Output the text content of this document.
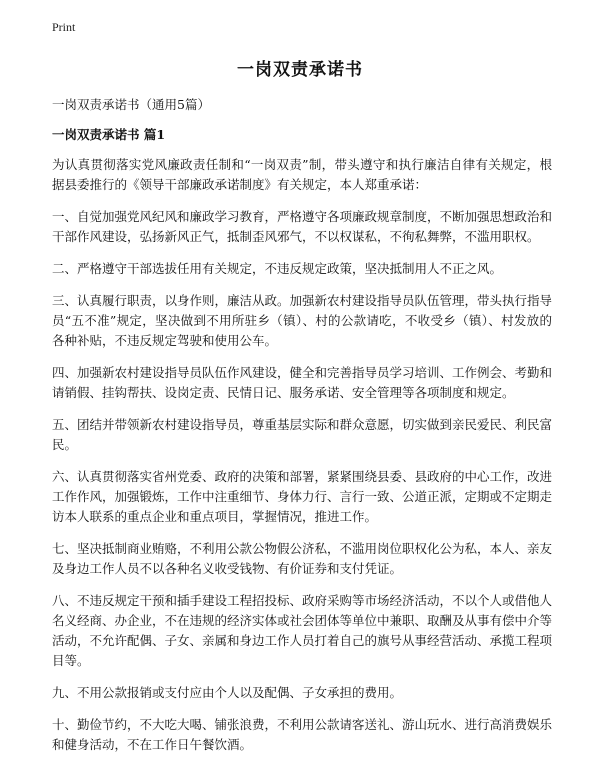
Print
一岗双责承诺书

一岗双责承诺书（通用5篇）

一岗双责承诺书 篇1

为认真贯彻落实党风廉政责任制和“一岗双责”制，带头遵守和执行廉洁自律有关规定，根据县委推行的《领导干部廉政承诺制度》有关规定，本人郑重承诺：

一、自觉加强党风纪风和廉政学习教育，严格遵守各项廉政规章制度，不断加强思想政治和干部作风建设，弘扬新风正气，抵制歪风邪气，不以权谋私，不徇私舞弊，不滥用职权。

二、严格遵守干部选拔任用有关规定，不违反规定政策，坚决抵制用人不正之风。

三、认真履行职责，以身作则，廉洁从政。加强新农村建设指导员队伍管理，带头执行指导员“五不准”规定，坚决做到不用所驻乡（镇）、村的公款请吃，不收受乡（镇）、村发放的各种补贴，不违反规定驾驶和使用公车。

四、加强新农村建设指导员队伍作风建设，健全和完善指导员学习培训、工作例会、考勤和请销假、挂钩帮扶、设岗定责、民情日记、服务承诺、安全管理等各项制度和规定。

五、团结并带领新农村建设指导员，尊重基层实际和群众意愿，切实做到亲民爱民、利民富民。

六、认真贯彻落实省州党委、政府的决策和部署，紧紧围绕县委、县政府的中心工作，改进工作作风，加强锻炼，工作中注重细节、身体力行、言行一致、公道正派，定期或不定期走访本人联系的重点企业和重点项目，掌握情况，推进工作。

七、坚决抵制商业贿赂，不利用公款公物假公济私，不滥用岗位职权化公为私，本人、亲友及身边工作人员不以各种名义收受钱物、有价证券和支付凭证。

八、不违反规定干预和插手建设工程招投标、政府采购等市场经济活动，不以个人或借他人名义经商、办企业，不在违规的经济实体或社会团体等单位中兼职、取酬及从事有偿中介等活动，不允许配偶、子女、亲属和身边工作人员打着自己的旗号从事经营活动、承揽工程项目等。

九、不用公款报销或支付应由个人以及配偶、子女承担的费用。

十、勤俭节约，不大吃大喝、铺张浪费，不利用公款请客送礼、游山玩水、进行高消费娱乐和健身活动，不在工作日午餐饮酒。
